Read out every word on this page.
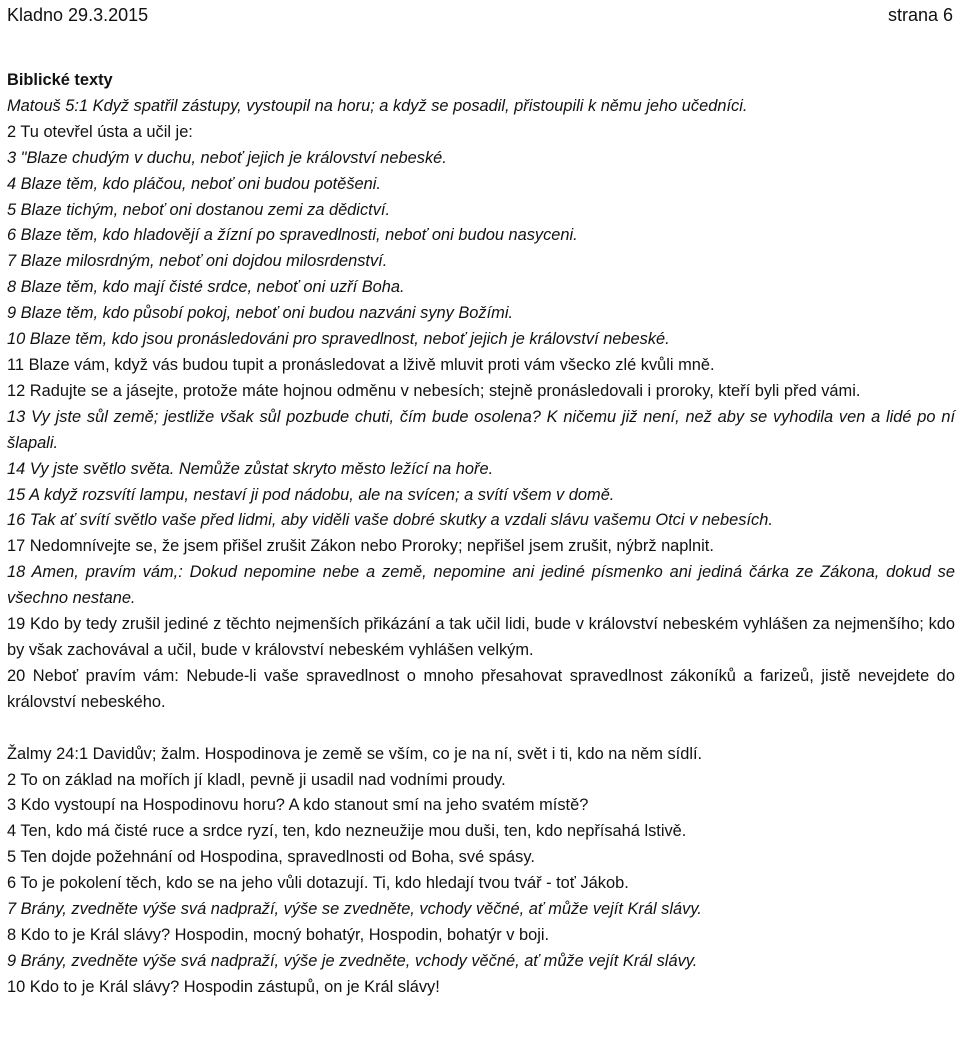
Kladno 29.3.2015	strana 6
Biblické texty
Matouš 5:1 Když spatřil zástupy, vystoupil na horu; a když se posadil, přistoupili k němu jeho učedníci.
2 Tu otevřel ústa a učil je:
3 "Blaze chudým v duchu, neboť jejich je království nebeské.
4 Blaze těm, kdo pláčou, neboť oni budou potěšeni.
5 Blaze tichým, neboť oni dostanou zemi za dědictví.
6 Blaze těm, kdo hladovějí a žízní po spravedlnosti, neboť oni budou nasyceni.
7 Blaze milosrdným, neboť oni dojdou milosrdenství.
8 Blaze těm, kdo mají čisté srdce, neboť oni uzří Boha.
9 Blaze těm, kdo působí pokoj, neboť oni budou nazváni syny Božími.
10 Blaze těm, kdo jsou pronásledováni pro spravedlnost, neboť jejich je království nebeské.
11 Blaze vám, když vás budou tupit a pronásledovat a lživě mluvit proti vám všecko zlé kvůli mně.
12 Radujte se a jásejte, protože máte hojnou odměnu v nebesích; stejně pronásledovali i proroky, kteří byli před vámi.
13 Vy jste sůl země; jestliže však sůl pozbude chuti, čím bude osolena? K ničemu již není, než aby se vyhodila ven a lidé po ní šlapali.
14 Vy jste světlo světa. Nemůže zůstat skryto město ležící na hoře.
15 A když rozsvítí lampu, nestaví ji pod nádobu, ale na svícen; a svítí všem v domě.
16 Tak ať svítí světlo vaše před lidmi, aby viděli vaše dobré skutky a vzdali slávu vašemu Otci v nebesích.
17 Nedomnívejte se, že jsem přišel zrušit Zákon nebo Proroky; nepřišel jsem zrušit, nýbrž naplnit.
18 Amen, pravím vám,: Dokud nepomine nebe a země, nepomine ani jediné písmenko ani jediná čárka ze Zákona, dokud se všechno nestane.
19 Kdo by tedy zrušil jediné z těchto nejmenších přikázání a tak učil lidi, bude v království nebeském vyhlášen za nejmenšího; kdo by však zachovával a učil, bude v království nebeském vyhlášen velkým.
20 Neboť pravím vám: Nebude-li vaše spravedlnost o mnoho přesahovat spravedlnost zákoníků a farizeů, jistě nevejdete do království nebeského.
Žalmy 24:1 Davidův; žalm. Hospodinova je země se vším, co je na ní, svět i ti, kdo na něm sídlí.
2 To on základ na mořích jí kladl, pevně ji usadil nad vodními proudy.
3 Kdo vystoupí na Hospodinovu horu? A kdo stanout smí na jeho svatém místě?
4 Ten, kdo má čisté ruce a srdce ryzí, ten, kdo nezneužije mou duši, ten, kdo nepřísahá lstivě.
5 Ten dojde požehnání od Hospodina, spravedlnosti od Boha, své spásy.
6 To je pokolení těch, kdo se na jeho vůli dotazují. Ti, kdo hledají tvou tvář - toť Jákob.
7 Brány, zvedněte výše svá nadpraží, výše se zvedněte, vchody věčné, ať může vejít Král slávy.
8 Kdo to je Král slávy? Hospodin, mocný bohatýr, Hospodin, bohatýr v boji.
9 Brány, zvedněte výše svá nadpraží, výše je zvedněte, vchody věčné, ať může vejít Král slávy.
10 Kdo to je Král slávy? Hospodin zástupů, on je Král slávy!
